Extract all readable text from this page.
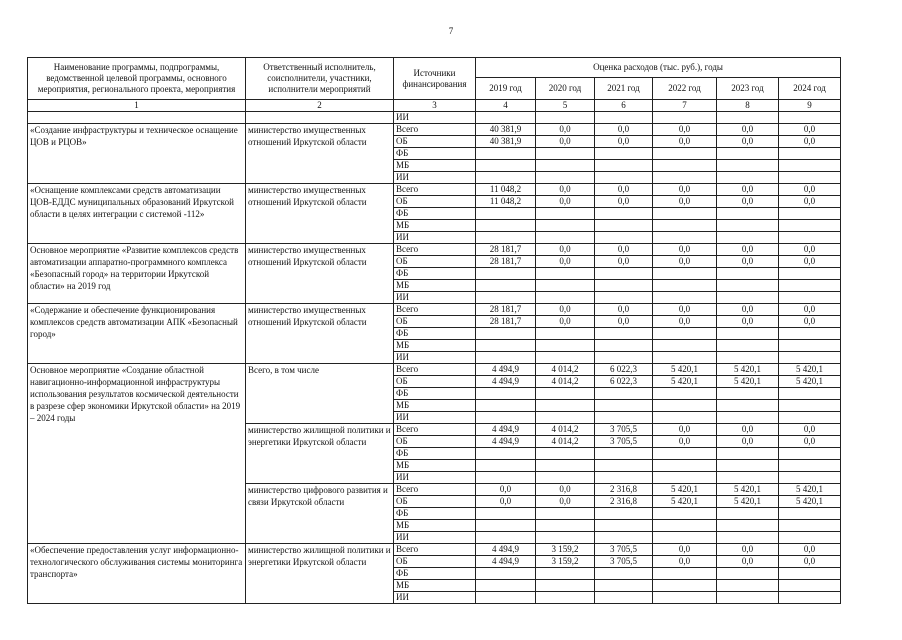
7
Наименование программы, подпрограммы, ведомственной целевой программы, основного мероприятия, регионального проекта, мероприятия	Ответственный исполнитель, соисполнители, участники, исполнители мероприятий	Источники финансирования	Оценка расходов (тыс. руб.), годы					
			2019 год	2020 год	2021 год	2022 год	2023 год	2024 год
1	2	3	4	5	6	7	8	9
		ИИ						
«Создание инфраструктуры и техническое оснащение ЦОВ и РЦОВ»	министерство имущественных отношений Иркутской области	Всего	40 381,9	0,0	0,0	0,0	0,0	0,0
		ОБ	40 381,9	0,0	0,0	0,0	0,0	0,0
		ФБ						
		МБ						
		ИИ						
«Оснащение комплексами средств автоматизации ЦОВ-ЕДДС муниципальных образований Иркутской области в целях интеграции с системой -112»	министерство имущественных отношений Иркутской области	Всего	11 048,2	0,0	0,0	0,0	0,0	0,0
		ОБ	11 048,2	0,0	0,0	0,0	0,0	0,0
		ФБ						
		МБ						
		ИИ						
Основное мероприятие «Развитие комплексов средств автоматизации аппаратно-программного комплекса «Безопасный город» на территории Иркутской области» на 2019 год	министерство имущественных отношений Иркутской области	Всего	28 181,7	0,0	0,0	0,0	0,0	0,0
		ОБ	28 181,7	0,0	0,0	0,0	0,0	0,0
		ФБ						
		МБ						
		ИИ						
«Содержание и обеспечение функционирования комплексов средств автоматизации АПК «Безопасный город»	министерство имущественных отношений Иркутской области	Всего	28 181,7	0,0	0,0	0,0	0,0	0,0
		ОБ	28 181,7	0,0	0,0	0,0	0,0	0,0
		ФБ						
		МБ						
		ИИ						
Основное мероприятие «Создание областной навигационно-информационной инфраструктуры использования результатов космической деятельности в разрезе сфер экономики Иркутской области» на 2019 – 2024 годы	Всего, в том числе	Всего	4 494,9	4 014,2	6 022,3	5 420,1	5 420,1	5 420,1
		ОБ	4 494,9	4 014,2	6 022,3	5 420,1	5 420,1	5 420,1
		ФБ						
		МБ						
		ИИ						
	министерство жилищной политики и энергетики Иркутской области	Всего	4 494,9	4 014,2	3 705,5	0,0	0,0	0,0
		ОБ	4 494,9	4 014,2	3 705,5	0,0	0,0	0,0
		ФБ						
		МБ						
		ИИ						
	министерство цифрового развития и связи Иркутской области	Всего	0,0	0,0	2 316,8	5 420,1	5 420,1	5 420,1
		ОБ	0,0	0,0	2 316,8	5 420,1	5 420,1	5 420,1
		ФБ						
		МБ						
		ИИ						
«Обеспечение предоставления услуг информационно-технологического обслуживания системы мониторинга транспорта»	министерство жилищной политики и энергетики Иркутской области	Всего	4 494,9	3 159,2	3 705,5	0,0	0,0	0,0
		ОБ	4 494,9	3 159,2	3 705,5	0,0	0,0	0,0
		ФБ						
		МБ						
		ИИ						
